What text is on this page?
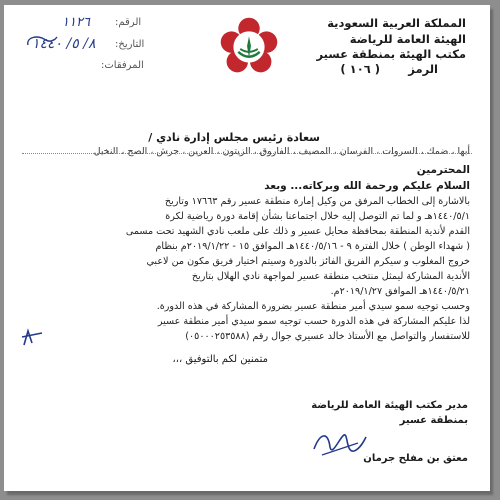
المملكة العربية السعودية
الهيئة العامة للرياضة
مكتب الهيئة بمنطقة عسير
الرمز
( ١٠٦ )
الرقم:
١١٢٦
التاريخ:
٨/ ٥/ ١٤٤٠
المرفقات:
سعادة رئيس مجلس إدارة نادي /
أبها ، ضمك ، السروات ، الفرسان ، المصيف ، الفاروق ، الزيتون ، العرين ، جرش ، الصح ، النخيل
المحترمين
السلام عليكم ورحمة الله وبركاته... وبعد
بالاشارة إلى الخطاب المرفق من وكيل إمارة منطقة عسير رقم ١٧٦٦٣ وتاريخ
١٤٤٠/٥/١هـ و لما تم التوصل إليه خلال اجتماعنا بشأن إقامة دورة رياضية لكرة
القدم لأندية المنطقة بمحافظة محايل عسير و ذلك على ملعب نادي الشهيد تحت مسمى
( شهداء الوطن ) خلال الفترة ٩ - ١٤٤٠/٥/١٦هـ الموافق ١٥ - ٢٠١٩/١/٢٢م بنظام
خروج المغلوب و سيكرم الفريق الفائز بالدورة وسيتم اختيار فريق مكون من لاعبي
الأندية المشاركة ليمثل منتخب منطقة عسير لمواجهة نادي الهلال بتاريخ
١٤٤٠/٥/٢١هـ الموافق ٢٠١٩/١/٢٧م.
وحسب توجيه سمو سيدي أمير منطقة عسير بضرورة المشاركة في هذه الدورة.
لذا عليكم المشاركة في هذه الدورة حسب توجيه سمو سيدي أمير منطقة عسير
للاستفسار والتواصل مع الأستاذ خالد عسيري جوال رقم (٠٥٠٠٠٢٥٣٥٨٨)
متمنين لكم بالتوفيق ،،،
مدير مكتب الهيئة العامة للرياضة
بمنطقة عسير
معتق بن مفلح جرمان
